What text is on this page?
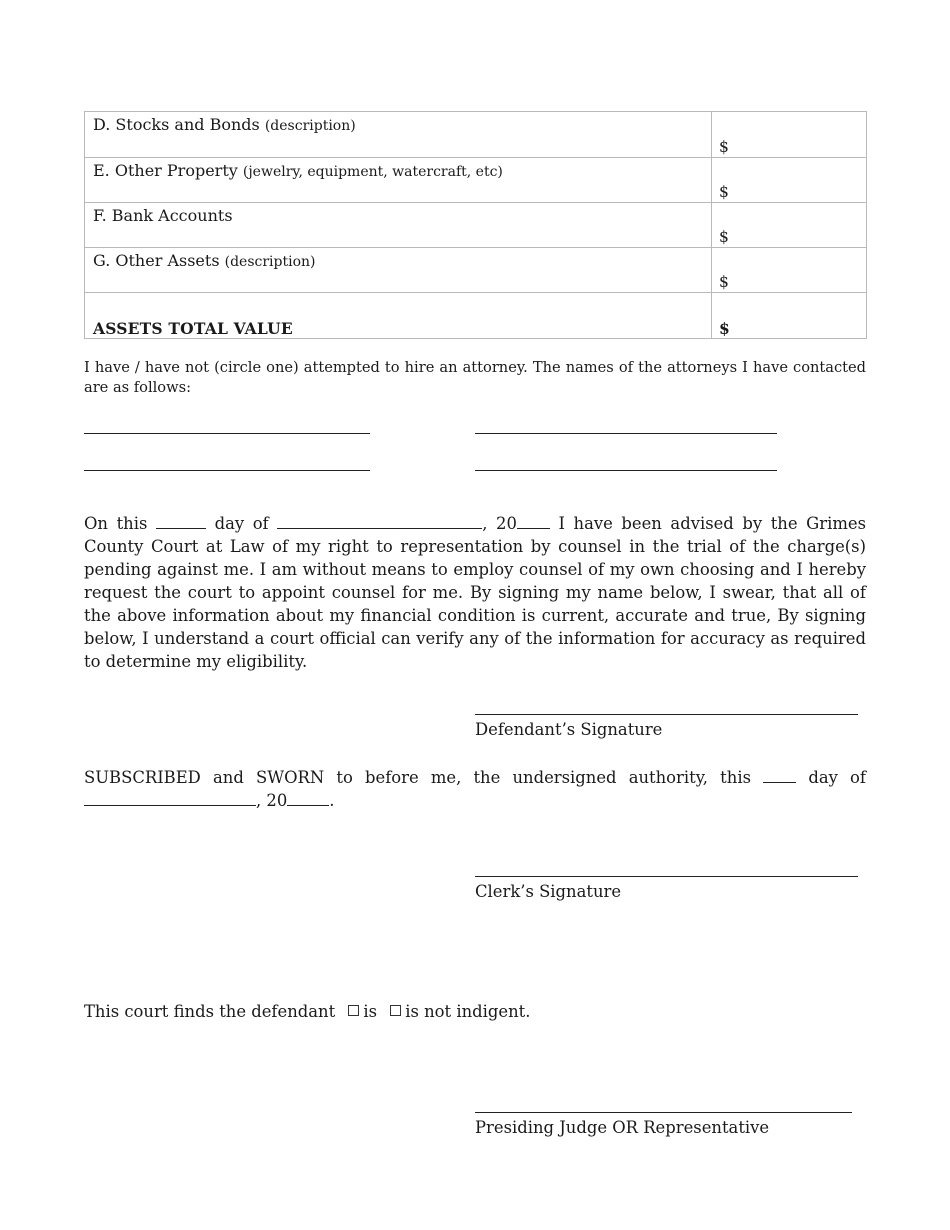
D. Stocks and Bonds (description)	$

E. Other Property (jewelry, equipment, watercraft, etc)	$

F. Bank Accounts	$

G. Other Assets (description)	$

ASSETS TOTAL VALUE	$
I have / have not (circle one) attempted to hire an attorney. The names of the attorneys I have contacted are as follows:
On this	day of	, 20 I have been advised by the Grimes County Court at Law of my right to representation by counsel in the trial of the charge(s) pending against me. I am without means to employ counsel of my own choosing and I hereby request the court to appoint counsel for me. By signing my name below, I swear, that all of the above information about my financial condition is current, accurate and true, By signing below, I understand a court official can verify any of the information for accuracy as required to determine my eligibility.
Defendant’s Signature
SUBSCRIBED and SWORN to before me, the undersigned authority, this	day of , 20	.
Clerk’s Signature
This court finds the defendant is is not indigent.
Presiding Judge OR Representative
